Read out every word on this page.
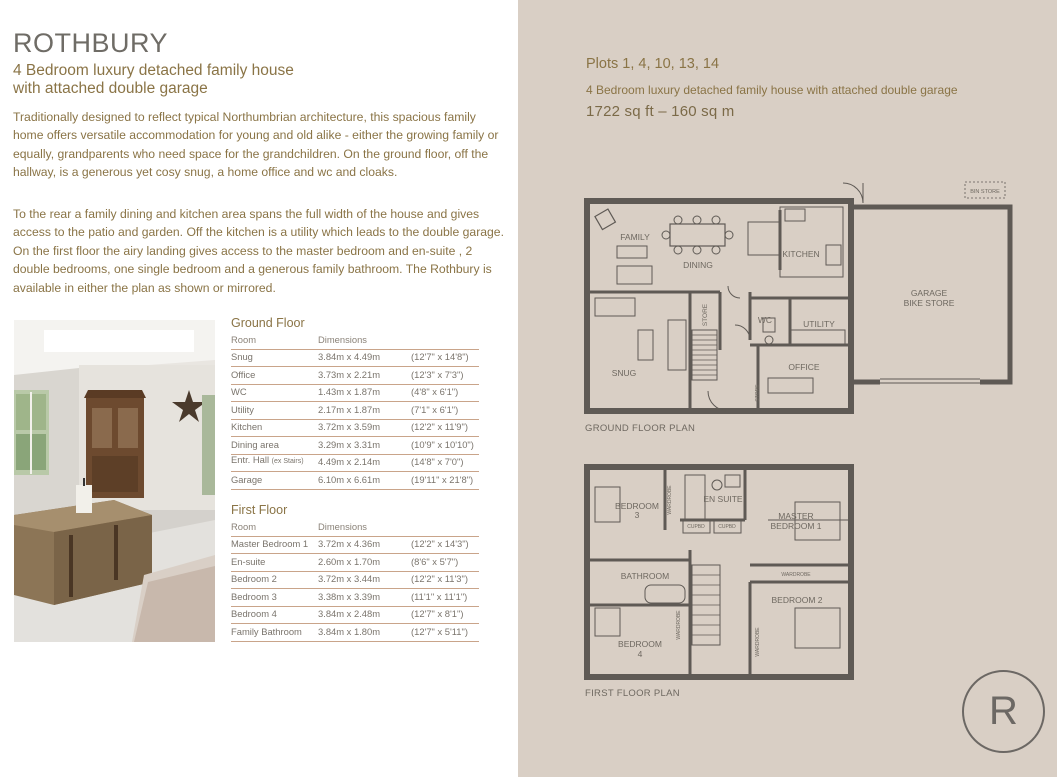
ROTHBURY
4 Bedroom luxury detached family house
with attached double garage
Traditionally designed to reflect typical Northumbrian architecture, this spacious family home offers versatile accommodation for young and old alike - either the growing family or equally, grandparents who need space for the grandchildren. On the ground floor, off the hallway, is a generous yet cosy snug, a home office and wc and cloaks.
To the rear a family dining and kitchen area spans the full width of the house and gives access to the patio and garden. Off the kitchen is a utility which leads to the double garage. On the first floor the airy landing gives access to the master bedroom and en-suite , 2 double bedrooms, one single bedroom and a generous family bathroom. The Rothbury is available in either the plan as shown or mirrored.
Ground Floor
Room	Dimensions
Snug	3.84m x 4.49m	(12'7" x 14'8")
Office	3.73m x 2.21m	(12'3" x 7'3")
WC	1.43m x 1.87m	(4'8" x 6'1")
Utility	2.17m x 1.87m	(7'1" x 6'1")
Kitchen	3.72m x 3.59m	(12'2" x 11'9")
Dining area	3.29m x 3.31m	(10'9" x 10'10")
Entr. Hall (ex Stairs)	4.49m x 2.14m	(14'8" x 7'0")
Garage	6.10m x 6.61m	(19'11" x 21'8")
First Floor
Room	Dimensions
Master Bedroom 1	3.72m x 4.36m	(12'2" x 14'3")
En-suite	2.60m x 1.70m	(8'6" x 5'7")
Bedroom 2	3.72m x 3.44m	(12'2" x 11'3")
Bedroom 3	3.38m x 3.39m	(11'1" x 11'1")
Bedroom 4	3.84m x 2.48m	(12'7" x 8'1")
Family Bathroom	3.84m x 1.80m	(12'7" x 5'11")
Plots 1, 4, 10, 13, 14
4 Bedroom luxury detached family house with attached double garage
1722 sq ft – 160 sq m
FAMILY
DINING
KITCHEN
GARAGE
BIKE STORE
WC	UTILITY
SNUG
OFFICE
BIN STORE
STORE
STORE
BEDROOM
3
EN SUITE
MASTER
BEDROOM 1
BATHROOM
BEDROOM 2
BEDROOM
4
CUPBD	CUPBD
WARDROBE
WARDROBE
WARDROBE
WARDROBE
GROUND FLOOR PLAN
FIRST FLOOR PLAN	R
